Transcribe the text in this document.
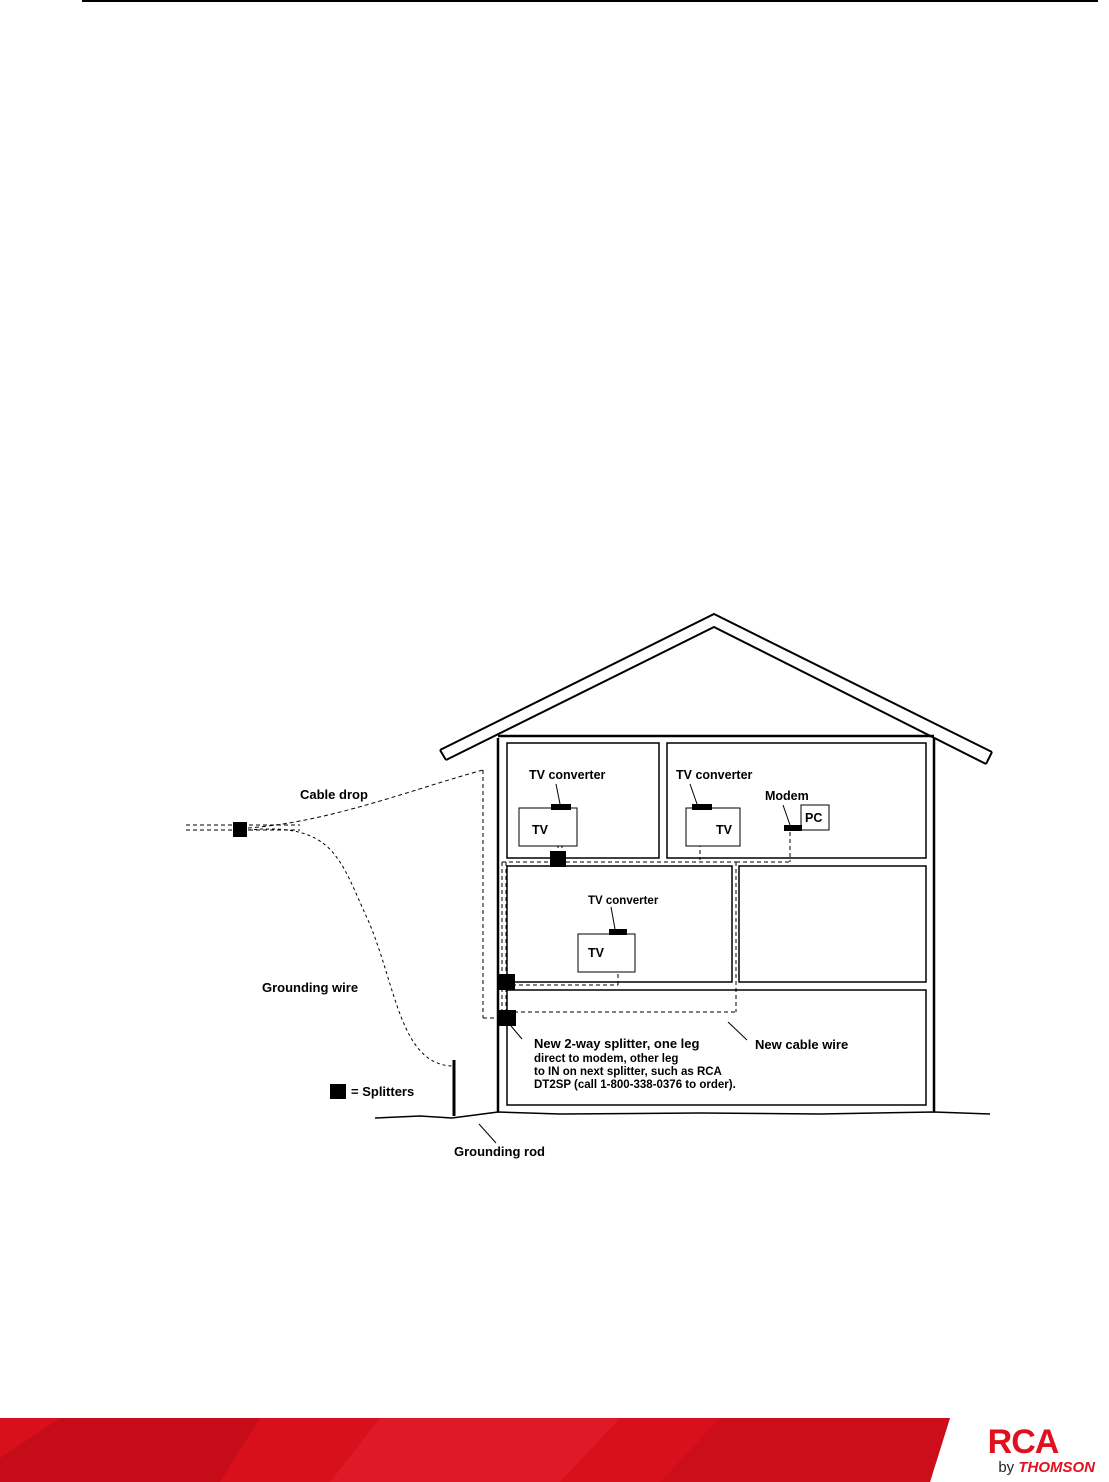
Cable drop
Grounding wire
Grounding rod
= Splitters
New cable wire
TV converter	TV converter
TV converter
Modem
PC
TV	TV
TV
New 2-way splitter, one leg
direct to modem, other leg
to IN on next splitter, such as RCA
DT2SP (call 1-800-338-0376 to order).
RCA
by THOMSON
